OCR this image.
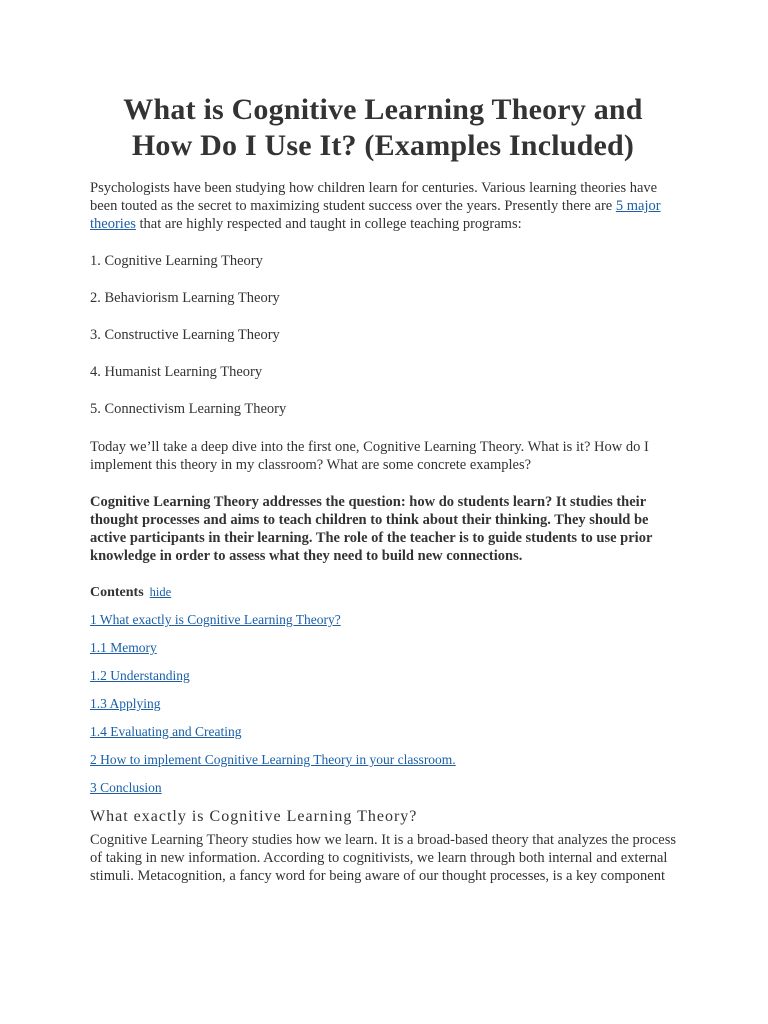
What is Cognitive Learning Theory and
How Do I Use It? (Examples Included)

Psychologists have been studying how children learn for centuries. Various learning theories have been touted as the secret to maximizing student success over the years. Presently there are 5 major theories that are highly respected and taught in college teaching programs:

1. Cognitive Learning Theory

2. Behaviorism Learning Theory

3. Constructive Learning Theory

4. Humanist Learning Theory

5. Connectivism Learning Theory

Today we’ll take a deep dive into the first one, Cognitive Learning Theory. What is it? How do I implement this theory in my classroom? What are some concrete examples?

Cognitive Learning Theory addresses the question: how do students learn? It studies their thought processes and aims to teach children to think about their thinking. They should be active participants in their learning. The role of the teacher is to guide students to use prior knowledge in order to assess what they need to build new connections.

Contents hide
1 What exactly is Cognitive Learning Theory?
1.1 Memory
1.2 Understanding
1.3 Applying
1.4 Evaluating and Creating
2 How to implement Cognitive Learning Theory in your classroom.
3 Conclusion
What exactly is Cognitive Learning Theory?

Cognitive Learning Theory studies how we learn. It is a broad-based theory that analyzes the process of taking in new information. According to cognitivists, we learn through both internal and external stimuli. Metacognition, a fancy word for being aware of our thought processes, is a key component
